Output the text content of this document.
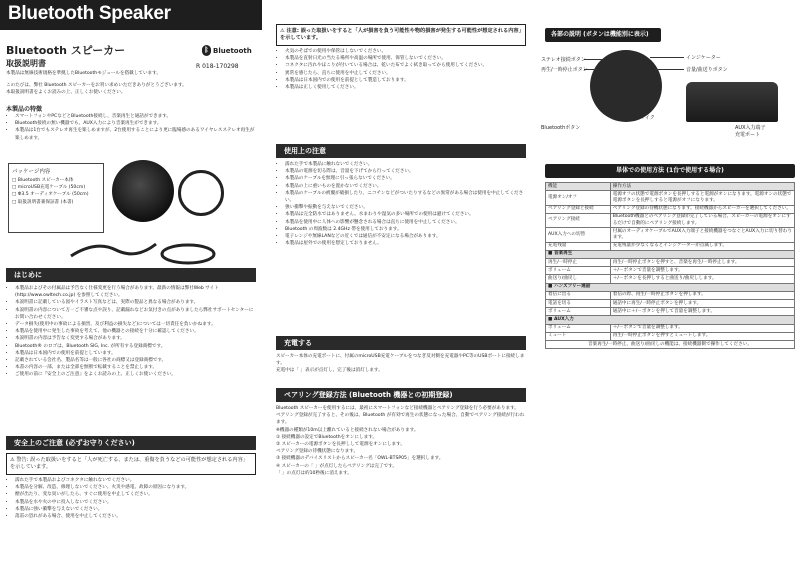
Bluetooth Speaker
Bluetooth スピーカー	ᛒ Bluetooth
取扱説明書	R 018-170298
本製品は無線技術規格を準拠したBluetoothモジュールを搭載しています。
このたびは、弊社 Bluetooth スピーカーをお買い求めいただきありがとうございます。
本取扱説明書をよくお読みの上、正しくお使いください。
本製品の特徴
• スマートフォンやPCなどとBluetooth接続し、音楽再生と通話ができます。
• Bluetooth接続の無い機器でも、AUX入力により音楽再生ができます。
• 本製品は1台でもステレオ再生を楽しめますが、2台使用することにより更に臨場感のあるワイヤレスステレオ再生が楽しめます。
パッケージ内容
□ Bluetooth スピーカー本体
□ microUSB充電ケーブル (50cm)
□ Φ3.5 オーディオケーブル (50cm)
□ 取扱説明書兼保証書 (本書)
はじめに
• 本製品およびその付属品は予告なく仕様変更を行う場合があります。最新の情報は弊社Web サイト (http://www.owltech.co.jp) を参照してください。
• 本説明書に記載している図やイラスト写真などは、実際の製品と異なる場合があります。
• 本説明書の内容について万一ご不審な点や誤り、記載漏れなどお気付きの点がありましたら弊社サポートセンターにお問い合わせください。
• データ損失(使用中の事故による損害、及び利益の損失など)については一切責任を負いかねます。
• 本製品を使用中に発生した事故を考えて、他の機器との接続を十分に確認してください。
• 本説明書の内容は予告なく変更する場合があります。
• Bluetooth® のロゴは、Bluetooth SIG, Inc. が所有する登録商標です。
• 本製品は日本国内での使用を前提としています。
• 記載されている会社名、製品名等は一般に各社の商標又は登録商標です。
• 本書の内容の一部、または全部を無断で転載することを禁止します。
• ご使用の前に『安全上のご注意』をよくお読みの上、正しくお使いください。
安全上のご注意 (必ずお守りください)
⚠ 警告: 誤った取扱いをすると「人が死亡する、または、重傷を負うなどの可能性が想定される内容」を示しています。
• 濡れた手で本製品およびコネクタに触れないでください。
• 本製品を分解、改造、修理しないでください。火災や感電、故障の原因になります。
• 煙が出たり、変な臭いがしたら、すぐに使用を中止してください。
• 本製品を水や火の中に投入しないでください。
• 本製品に強い衝撃を与えないでください。
• 落雷の恐れがある場合、使用を中止してください。
⚠ 注意: 誤った取扱いをすると「人が損害を負う可能性や物的損害が発生する可能性が想定される内容」を示しています。
• 火気のそばでの使用や保管はしないでください。
• 本製品を直射日光の当たる場所や高温の場所で使用、保管しないでください。
• コネクタに汚れやほこりが付いている場合は、乾いた布でよく拭き取ってから使用してください。
• 異常を感じたら、直ちに使用を中止してください。
• 本製品は日本国内での使用を前提として製造しております。
• 本製品は正しく使用してください。
使用上の注意
• 濡れた手で本製品に触れないでください。
• 本製品の電源を切る際は、音量を下げてから行ってください。
• 本製品のケーブルを無理に引っ張らないでください。
• 本製品の上に重いものを置かないでください。
• 本製品のケーブルの被覆が破損したり、ニコチンなどがついたりするなどの異常がある場合は使用を中止してください。
• 強い衝撃や振動を与えないでください。
• 本製品は完全防水ではありません。水まわりや湿気の多い場所での使用は避けてください。
• 本製品を使用中に人体への影響が懸念される場合は直ちに使用を中止してください。
• Bluetooth の周波数は 2.4GHz 帯を使用しております。
• 電子レンジや無線LANなどの近くでは通信が不安定になる場合があります。
• 本製品は屋外での使用を想定しておりません。
充電する
スピーカー本体の充電ポートに、付属のmicroUSB充電ケーブルをつなぎ反対側を充電器やPC等のUSBポートに接続します。
充電中は「 」表示が点灯し、完了後は消灯します。
ペアリング登録方法 (Bluetooth 機器との初期登録)
Bluetooth スピーカーを使用するには、最初にスマートフォンなど接続機器とペアリング登録を行う必要があります。
ペアリング登録が完了すると、その後は、Bluetooth が有効で再生の状態になった場合、自動でペアリング接続が行われます。
※機器の種類が10m以上離れていると接続されない場合があります。
① 接続機器の設定でBluetoothをオンにします。
② スピーカーの電源ボタンを長押しして電源をオンにします。
ペアリング登録の待機状態になります。
③ 接続機器のデバイスリストからスピーカー名「OWL-BTSP05」を選択します。
④ スピーカーの「 」が点灯したらペアリングは完了です。
「 」の点灯は約10秒後に消えます。
各部の説明 (ボタンは機能別に表示)
ステレオ接続ボタン
再生/一時停止ボタン
インジケーター
音量/曲送りボタン
マイク
Bluetoothボタン	AUX入力端子
充電ポート
単体での使用方法 (1台で使用する場合)
機能	操作方法
電源オン/オフ	電源オフの状態で電源ボタンを長押しすると電源がオンになります。電源オンの状態で電源ボタンを長押しすると電源がオフになります。
ペアリング登録と接続	ペアリング登録の待機状態になります。接続機器からスピーカーを選択してください。
ペアリング接続	Bluetooth機器とのペアリング登録が完了している場合、スピーカーの電源をオンにするだけで自動的にペアリング接続します。
AUX入力への切替	付属のオーディオケーブルでAUX入力端子と接続機器をつなぐとAUX入力に切り替わります。
充電残量	充電残量が少なくなるとインジケーターが点滅します。
■ 音楽再生	
再生/一時停止	再生/一時停止ボタンを押すと、音楽を再生/一時停止します。
ボリューム	＋/－ボタンで音量を調整します。
曲送り/曲戻し	＋/－ボタンを長押しすると曲送り/曲戻しします。
■ ハンズフリー通話	
着信に出る	着信の際、再生/一時停止ボタンを押します。
電話を切る	通話中に再生/一時停止ボタンを押します。
ボリューム	通話中に＋/－ボタンを押して音量を調整します。
■ AUX入力	
ボリューム	＋/－ボタンで音量を調整します。
ミュート	再生/一時停止ボタンを押すとミュートします。
音楽再生/一時停止、曲送り/曲戻しの機能は、接続機器側で操作してください。	
